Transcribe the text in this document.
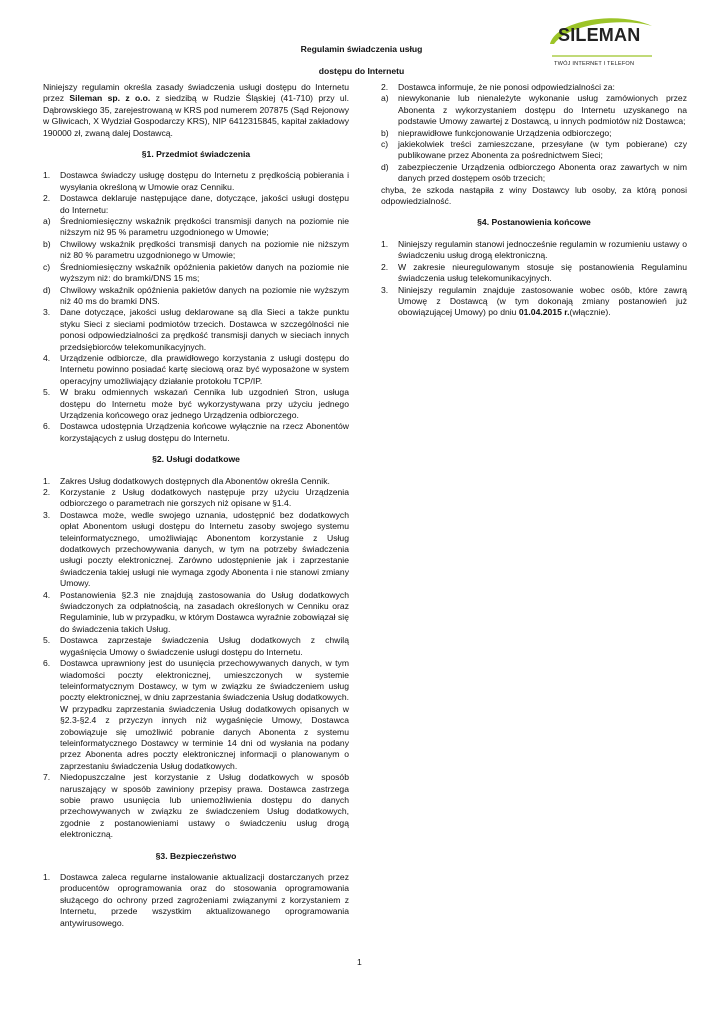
SILEMAN
TWÓJ INTERNET I TELEFON
Regulamin świadczenia usług
dostępu do Internetu

Niniejszy regulamin określa zasady świadczenia usługi dostępu do Internetu przez Sileman sp. z o.o. z siedzibą w Rudzie Śląskiej (41-710) przy ul. Dąbrowskiego 35, zarejestrowaną w KRS pod numerem 207875 (Sąd Rejonowy w Gliwicach, X Wydział Gospodarczy KRS), NIP 6412315845, kapitał zakładowy 190000 zł, zwaną dalej Dostawcą.

§1. Przedmiot świadczenia
1. Dostawca świadczy usługę dostępu do Internetu z prędkością pobierania i wysyłania określoną w Umowie oraz Cenniku.
2. Dostawca deklaruje następujące dane, dotyczące, jakości usługi dostępu do Internetu:
a) Średniomiesięczny wskaźnik prędkości transmisji danych na poziomie nie niższym niż 95 % parametru uzgodnionego w Umowie;
b) Chwilowy wskaźnik prędkości transmisji danych na poziomie nie niższym niż 80 % parametru uzgodnionego w Umowie;
c) Średniomiesięczny wskaźnik opóźnienia pakietów danych na poziomie nie wyższym niż: do bramki/DNS 15 ms;
d) Chwilowy wskaźnik opóźnienia pakietów danych na poziomie nie wyższym niż 40 ms do bramki DNS.
3. Dane dotyczące, jakości usług deklarowane są dla Sieci a także punktu styku Sieci z sieciami podmiotów trzecich. Dostawca w szczególności nie ponosi odpowiedzialności za prędkość transmisji danych w sieciach innych przedsiębiorców telekomunikacyjnych.
4. Urządzenie odbiorcze, dla prawidłowego korzystania z usługi dostępu do Internetu powinno posiadać kartę sieciową oraz być wyposażone w system operacyjny umożliwiający działanie protokołu TCP/IP.
5. W braku odmiennych wskazań Cennika lub uzgodnień Stron, usługa dostępu do Internetu może być wykorzystywana przy użyciu jednego Urządzenia końcowego oraz jednego Urządzenia odbiorczego.
6. Dostawca udostępnia Urządzenia końcowe wyłącznie na rzecz Abonentów korzystających z usług dostępu do Internetu.
§2. Usługi dodatkowe
1. Zakres Usług dodatkowych dostępnych dla Abonentów określa Cennik.
2. Korzystanie z Usług dodatkowych następuje przy użyciu Urządzenia odbiorczego o parametrach nie gorszych niż opisane w §1.4.
3. Dostawca może, wedle swojego uznania, udostępnić bez dodatkowych opłat Abonentom usługi dostępu do Internetu zasoby swojego systemu teleinformatycznego, umożliwiając Abonentom korzystanie z Usług dodatkowych przechowywania danych, w tym na potrzeby świadczenia usługi poczty elektronicznej. Zarówno udostępnienie jak i zaprzestanie świadczenia takiej usługi nie wymaga zgody Abonenta i nie stanowi zmiany Umowy.
4. Postanowienia §2.3 nie znajdują zastosowania do Usług dodatkowych świadczonych za odpłatnością, na zasadach określonych w Cenniku oraz Regulaminie, lub w przypadku, w którym Dostawca wyraźnie zobowiązał się do świadczenia takich Usług.
5. Dostawca zaprzestaje świadczenia Usług dodatkowych z chwilą wygaśnięcia Umowy o świadczenie usługi dostępu do Internetu.
6. Dostawca uprawniony jest do usunięcia przechowywanych danych, w tym wiadomości poczty elektronicznej, umieszczonych w systemie teleinformatycznym Dostawcy, w tym w związku ze świadczeniem usług poczty elektronicznej, w dniu zaprzestania świadczenia Usług dodatkowych. W przypadku zaprzestania świadczenia Usług dodatkowych opisanych w §2.3-§2.4 z przyczyn innych niż wygaśnięcie Umowy, Dostawca zobowiązuje się umożliwić pobranie danych Abonenta z systemu teleinformatycznego Dostawcy w terminie 14 dni od wysłania na podany przez Abonenta adres poczty elektronicznej informacji o planowanym o zaprzestaniu świadczenia Usług dodatkowych.
7. Niedopuszczalne jest korzystanie z Usług dodatkowych w sposób naruszający w sposób zawiniony przepisy prawa. Dostawca zastrzega sobie prawo usunięcia lub uniemożliwienia dostępu do danych przechowywanych w związku ze świadczeniem Usług dodatkowych, zgodnie z postanowieniami ustawy o świadczeniu usług drogą elektroniczną.
§3. Bezpieczeństwo
1. Dostawca zaleca regularne instalowanie aktualizacji dostarczanych przez producentów oprogramowania oraz do stosowania oprogramowania służącego do ochrony przed zagrożeniami związanymi z korzystaniem z Internetu, przede wszystkim aktualizowanego oprogramowania antywirusowego.
2. Dostawca informuje, że nie ponosi odpowiedzialności za:
a) niewykonanie lub nienależyte wykonanie usług zamówionych przez Abonenta z wykorzystaniem dostępu do Internetu uzyskanego na podstawie Umowy zawartej z Dostawcą, u innych podmiotów niż Dostawca;
b) nieprawidłowe funkcjonowanie Urządzenia odbiorczego;
c) jakiekolwiek treści zamieszczane, przesyłane (w tym pobierane) czy publikowane przez Abonenta za pośrednictwem Sieci;
d) zabezpieczenie Urządzenia odbiorczego Abonenta oraz zawartych w nim danych przed dostępem osób trzecich;

chyba, że szkoda nastąpiła z winy Dostawcy lub osoby, za którą ponosi odpowiedzialność.

§4. Postanowienia końcowe
1. Niniejszy regulamin stanowi jednocześnie regulamin w rozumieniu ustawy o świadczeniu usług drogą elektroniczną.
2. W zakresie nieuregulowanym stosuje się postanowienia Regulaminu świadczenia usług telekomunikacyjnych.
3. Niniejszy regulamin znajduje zastosowanie wobec osób, które zawrą Umowę z Dostawcą (w tym dokonają zmiany postanowień już obowiązującej Umowy) po dniu 01.04.2015 r.(włącznie).
1
